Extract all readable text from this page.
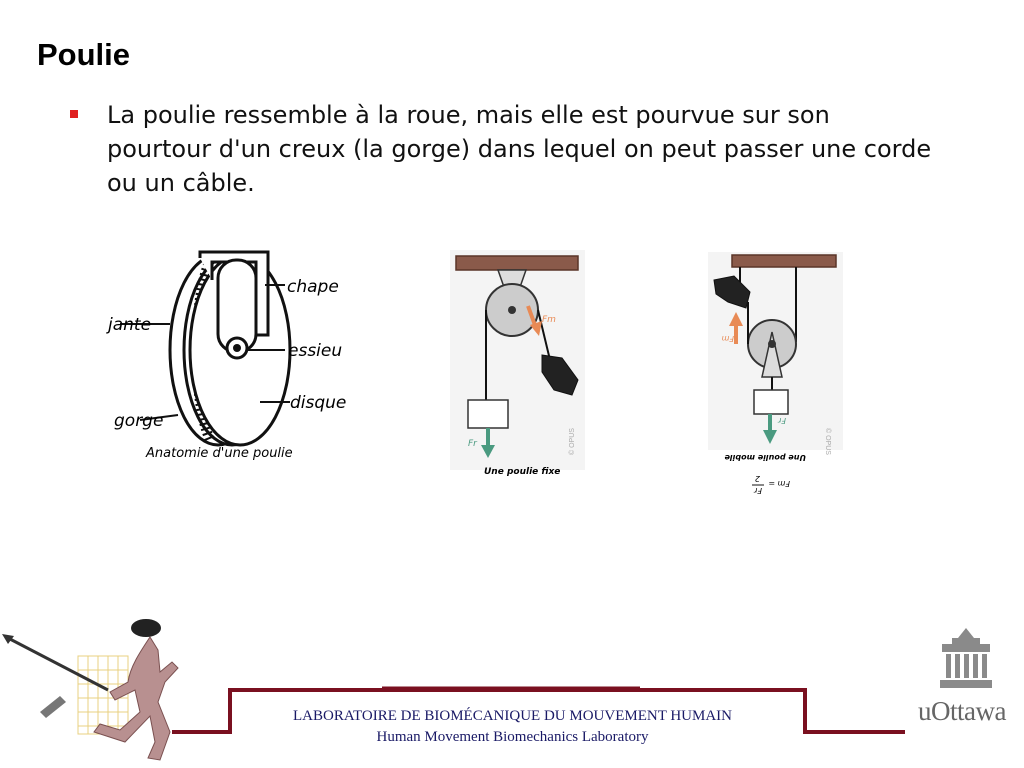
Poulie
La poulie ressemble à la roue, mais elle est pourvue sur son pourtour d'un creux (la gorge) dans lequel on peut passer une corde ou un câble.
chape
jante
essieu
gorge
disque
Anatomie d'une poulie
Fm
Fr	© OPUS
Une poulie fixe
Fm
Fr
© OPUS
Une poulie mobile
Fm =
Fr
2
LABORATOIRE DE BIOMÉCANIQUE DU MOUVEMENT HUMAIN
Human Movement Biomechanics Laboratory
uOttawa
